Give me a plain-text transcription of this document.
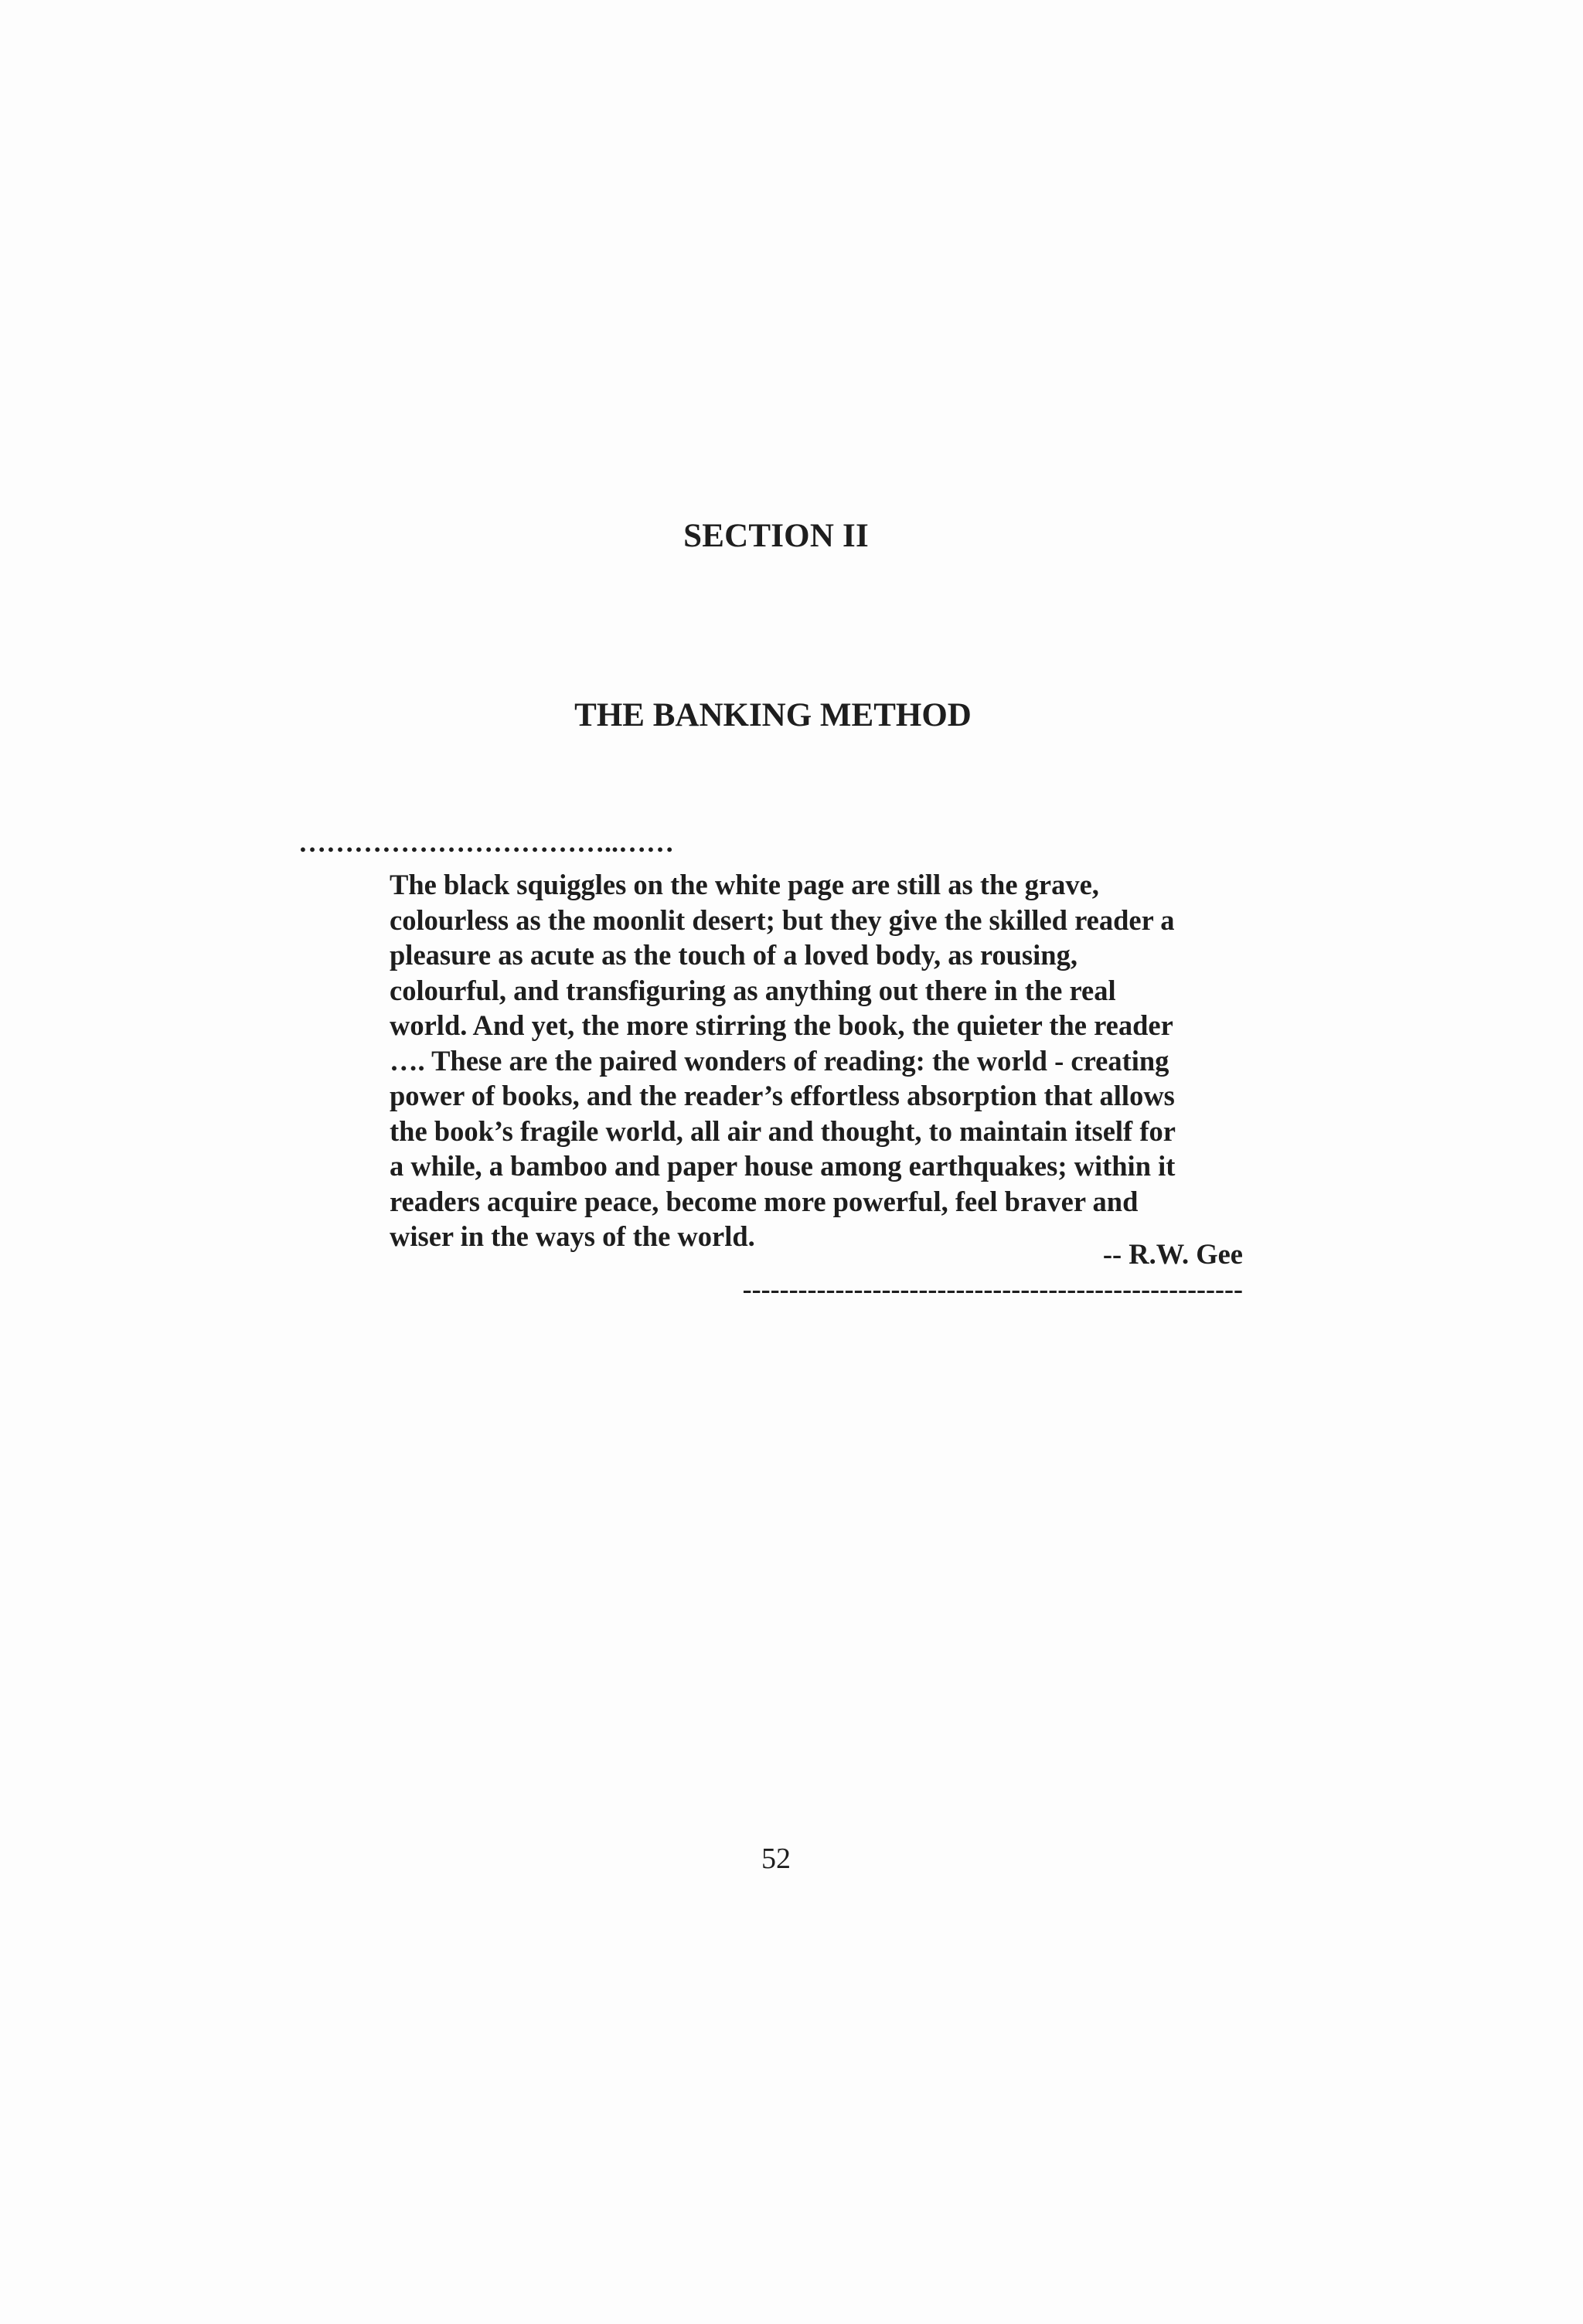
SECTION II
THE BANKING METHOD
……………………………..……
The black squiggles on the white page are still as the grave,
colourless as the moonlit desert; but they give the skilled reader a
pleasure as acute as the touch of a loved body, as rousing,
colourful, and transfiguring as anything out there in the real
world. And yet, the more stirring the book, the quieter the reader
…. These are the paired wonders of reading: the world - creating
power of books, and the reader’s effortless absorption that allows
the book’s fragile world, all air and thought, to maintain itself for
a while, a bamboo and paper house among earthquakes; within it
readers acquire peace, become more powerful, feel braver and
wiser in the ways of the world.
-- R.W. Gee
------------------------------------------------------
52
